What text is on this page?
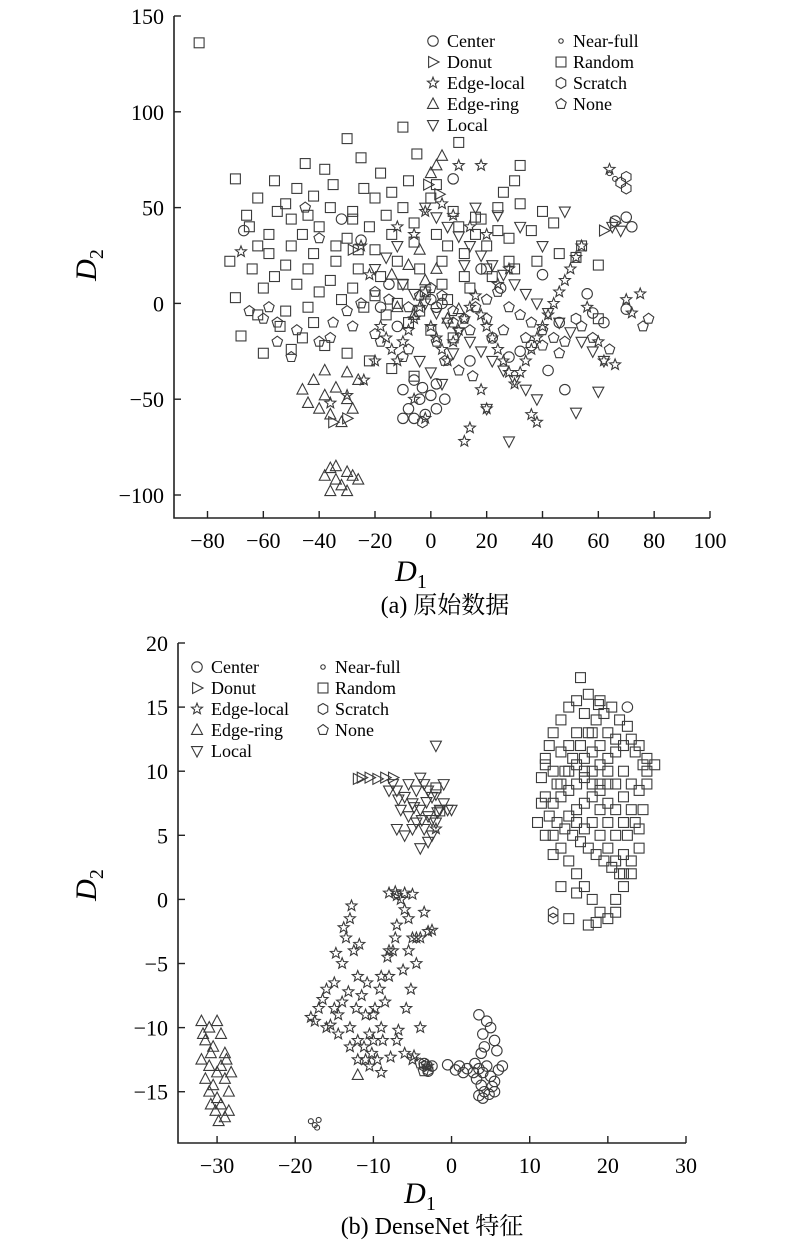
(a) 原始数据
$D_1$
$D_2$
Center
Donut
Edge-local
Edge-ring
Local
Near-full
Random
Scratch
None
−80 −60 −40 −20 0 20 40 60 80 100
−100
−50
0
50
100
150
(b) DenseNet 特征
$D_1$
$D_2$
Center
Donut
Edge-local
Edge-ring
Local
Near-full
Random
Scratch
None
−30 −20 −10	0	10	20	30
−15
−10
−5
0
5
10
15
20
